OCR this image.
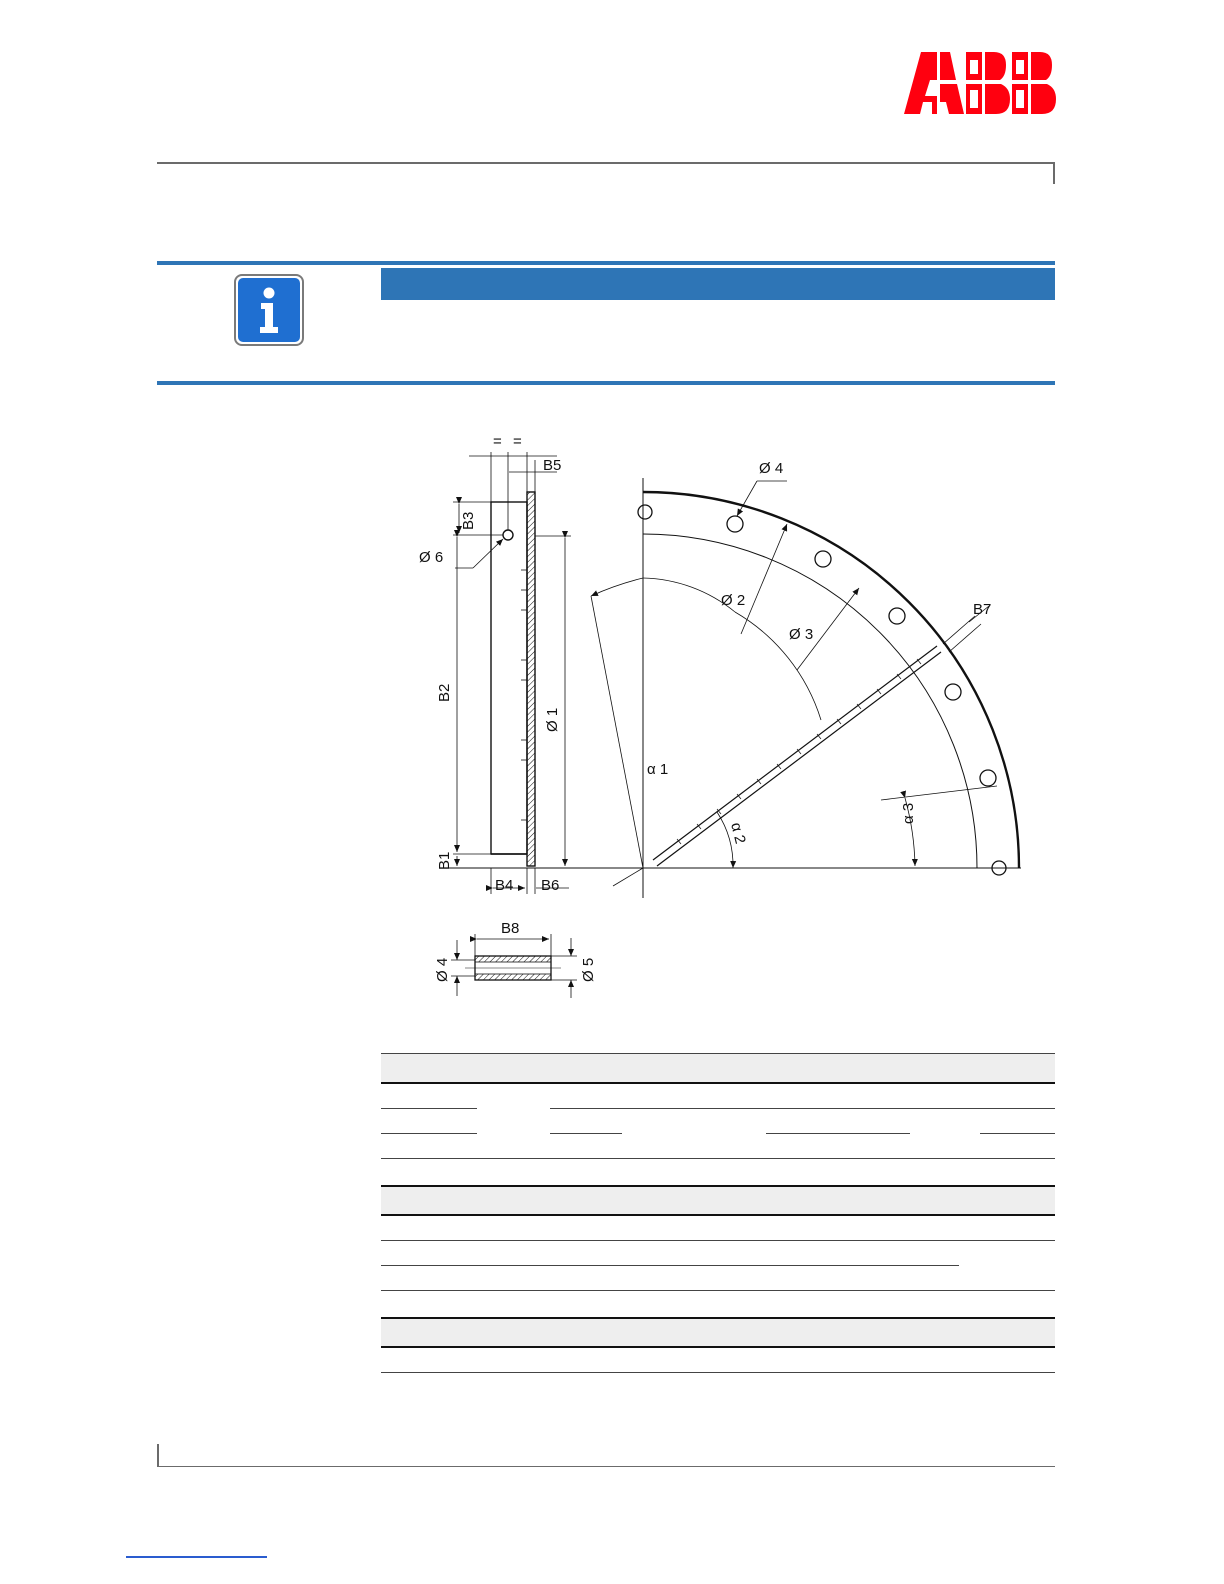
= =
B5
B3
Ø 6
B2
Ø 1
B1
B4 B6
Ø 4
Ø 2
Ø 3
B7
α 1
α 2
α 3
B8
Ø 4	Ø 5
